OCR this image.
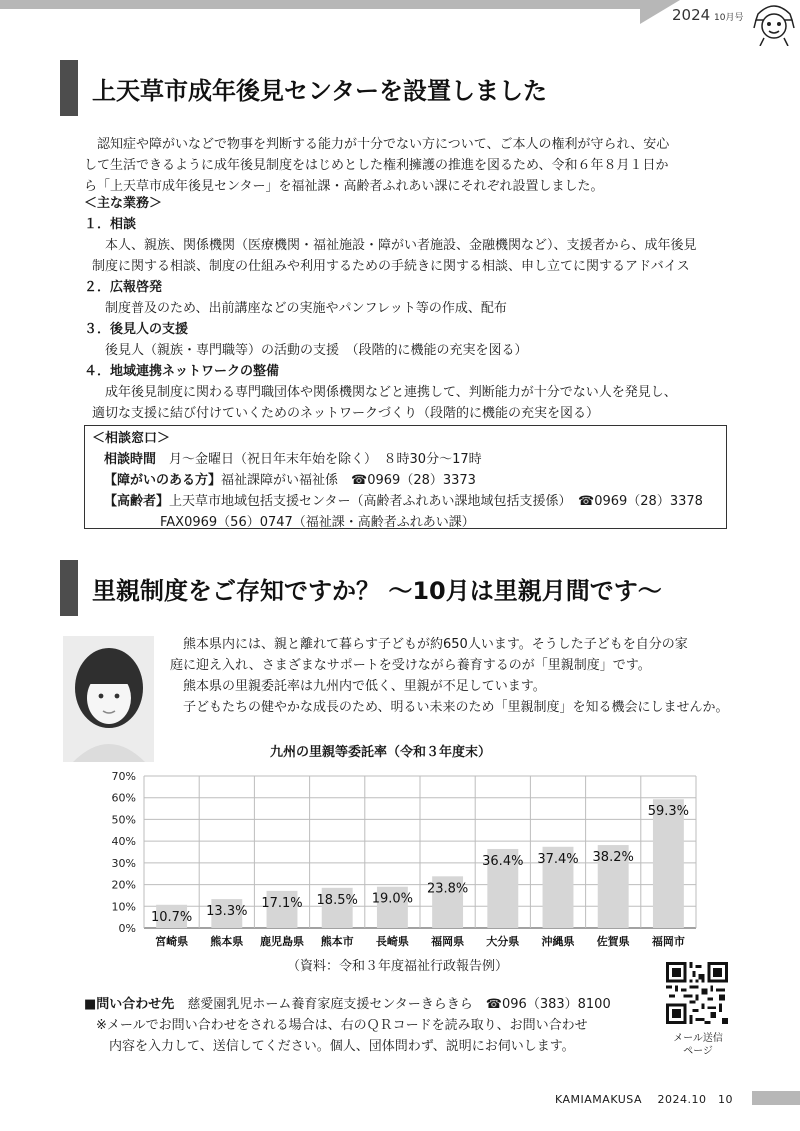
2024 10月号
上天草市成年後見センターを設置しました
　認知症や障がいなどで物事を判断する能力が十分でない方について、ご本人の権利が守られ、安心
して生活できるように成年後見制度をはじめとした権利擁護の推進を図るため、令和６年８月１日か
ら「上天草市成年後見センター」を福祉課・高齢者ふれあい課にそれぞれ設置しました。
＜主な業務＞
１．相談
　本人、親族、関係機関（医療機関・福祉施設・障がい者施設、金融機関など）、支援者から、成年後見
制度に関する相談、制度の仕組みや利用するための手続きに関する相談、申し立てに関するアドバイス
２．広報啓発
　制度普及のため、出前講座などの実施やパンフレット等の作成、配布
３．後見人の支援
　後見人（親族・専門職等）の活動の支援　（段階的に機能の充実を図る）
４．地域連携ネットワークの整備
　成年後見制度に関わる専門職団体や関係機関などと連携して、判断能力が十分でない人を発見し、
適切な支援に結び付けていくためのネットワークづくり（段階的に機能の充実を図る）
＜相談窓口＞
相談時間　 月～金曜日（祝日年末年始を除く）　８時30分～17時
【障がいのある方】福祉課障がい福祉係　☎0969（28）3373
【高齢者】上天草市地域包括支援センター（高齢者ふれあい課地域包括支援係）　☎0969（28）3378
FAX0969（56）0747（福祉課・高齢者ふれあい課）
里親制度をご存知ですか？ ～10月は里親月間です～
　熊本県内には、親と離れて暮らす子どもが約650人います。そうした子どもを自分の家
庭に迎え入れ、さまざまなサポートを受けながら養育するのが「里親制度」です。
　熊本県の里親委託率は九州内で低く、里親が不足しています。
　子どもたちの健やかな成長のため、明るい未来のため「里親制度」を知る機会にしませんか。
九州の里親等委託率（令和３年度末）
0%
10%
20%
30%
40%
50%
60%
70%
10.7%
宮崎県
13.3%
熊本県
17.1%
鹿児島県
18.5%
熊本市
19.0%
長崎県
23.8%
福岡県
36.4%
大分県
37.4%
沖縄県
38.2%
佐賀県
59.3%
福岡市
（資料：令和３年度福祉行政報告例）
■問い合わせ先　 慈愛園乳児ホーム養育家庭支援センターきらきら　☎096（383）8100
※メールでお問い合わせをされる場合は、右のＱＲコードを読み取り、お問い合わせ
　内容を入力して、送信してください。個人、団体問わず、説明にお伺いします。
メール送信
ページ
KAMIAMAKUSA　 2024.10　 10
